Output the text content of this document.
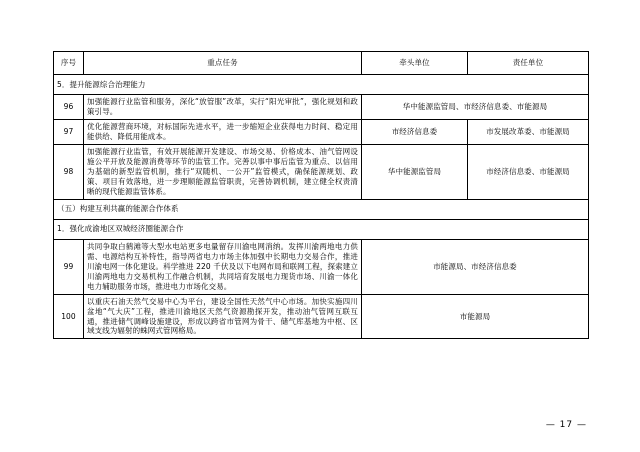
序号	重点任务	牵头单位	责任单位
5．提升能源综合治理能力			
96	加强能源行业监管和服务，深化“放管服”改革，实行“阳光审批”，强化规划和政策引导。	华中能源监管局、市经济信息委、市能源局	
97	优化能源营商环境，对标国际先进水平，进一步缩短企业获得电力时间、稳定用能供给、降低用能成本。	市经济信息委	市发展改革委、市能源局
98	加强能源行业监管，有效开展能源开发建设、市场交易、价格成本、油气管网设施公平开放及能源消费等环节的监管工作。完善以事中事后监管为重点、以信用为基础的新型监管机制，推行“双随机、一公开”监管模式，确保能源规划、政策、项目有效落地，进一步理顺能源监管职责，完善协调机制，建立健全权责清晰的现代能源监管体系。	华中能源监管局	市经济信息委、市能源局
（五）构建互利共赢的能源合作体系			
1．强化成渝地区双城经济圈能源合作			
99	共同争取白鹤滩等大型水电站更多电量留存川渝电网消纳。发挥川渝两地电力供需、电源结构互补特性，指导两省电力市场主体加强中长期电力交易合作，推进川渝电网一体化建设。科学推进 220 千伏及以下电网布局和联网工程，探索建立川渝两地电力交易机构工作融合机制，共同培育发展电力现货市场、川渝一体化电力辅助服务市场，推进电力市场化交易。	市能源局、市经济信息委	
100	以重庆石油天然气交易中心为平台，建设全国性天然气中心市场。加快实施四川盆地“气大庆”工程，推进川渝地区天然气资源勘探开发，推动油气管网互联互通，推进储气调峰设施建设，形成以跨省市管网为骨干、储气库基地为中枢、区域支线为辐射的蛛网式管网格局。	市能源局	
— 17 —
